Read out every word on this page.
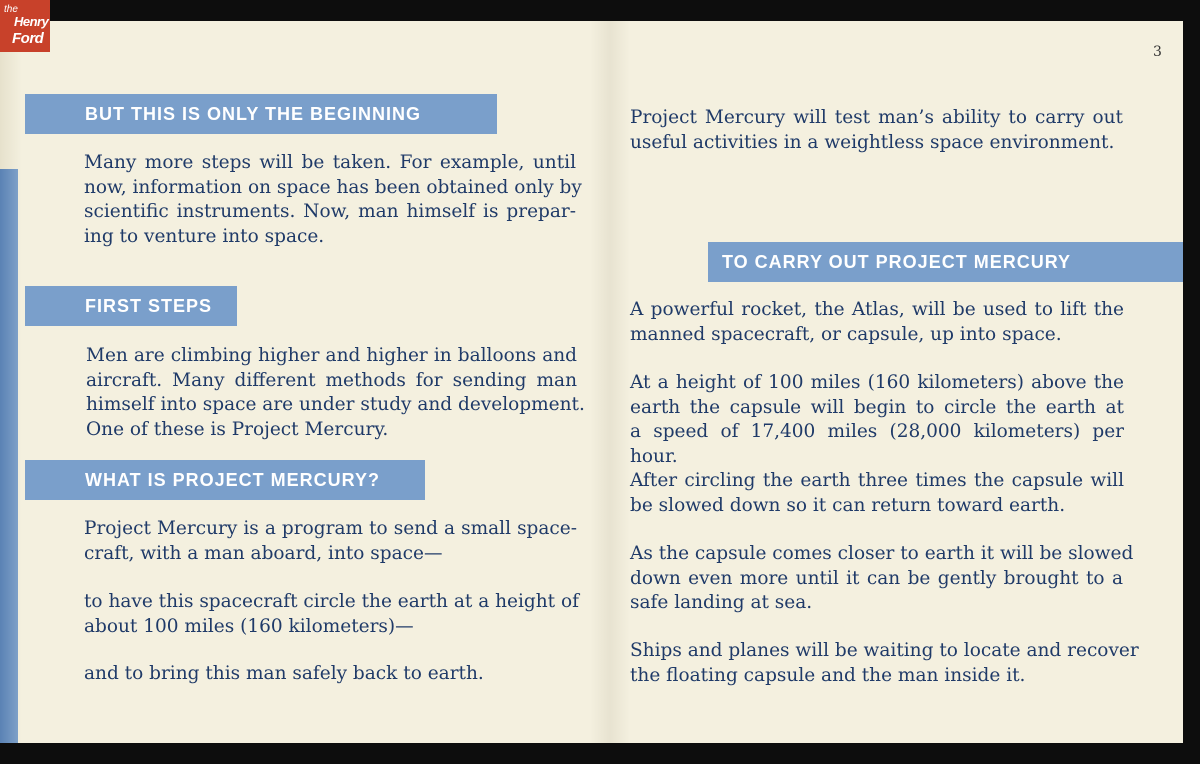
the
Henry
Ford
3
BUT THIS IS ONLY THE BEGINNING

Many more steps will be taken. For example, until
now, information on space has been obtained only by
scientific instruments. Now, man himself is prepar-
ing to venture into space.

FIRST STEPS

Men are climbing higher and higher in balloons and
aircraft. Many different methods for sending man
himself into space are under study and development.
One of these is Project Mercury.

WHAT IS PROJECT MERCURY?

Project Mercury is a program to send a small space-
craft, with a man aboard, into space—

to have this spacecraft circle the earth at a height of
about 100 miles (160 kilometers)—

and to bring this man safely back to earth.

Project Mercury will test man’s ability to carry out
useful activities in a weightless space environment.

TO CARRY OUT PROJECT MERCURY

A powerful rocket, the Atlas, will be used to lift the
manned spacecraft, or capsule, up into space.

At a height of 100 miles (160 kilometers) above the
earth the capsule will begin to circle the earth at
a speed of 17,400 miles (28,000 kilometers) per
hour.
After circling the earth three times the capsule will
be slowed down so it can return toward earth.

As the capsule comes closer to earth it will be slowed
down even more until it can be gently brought to a
safe landing at sea.

Ships and planes will be waiting to locate and recover
the floating capsule and the man inside it.
